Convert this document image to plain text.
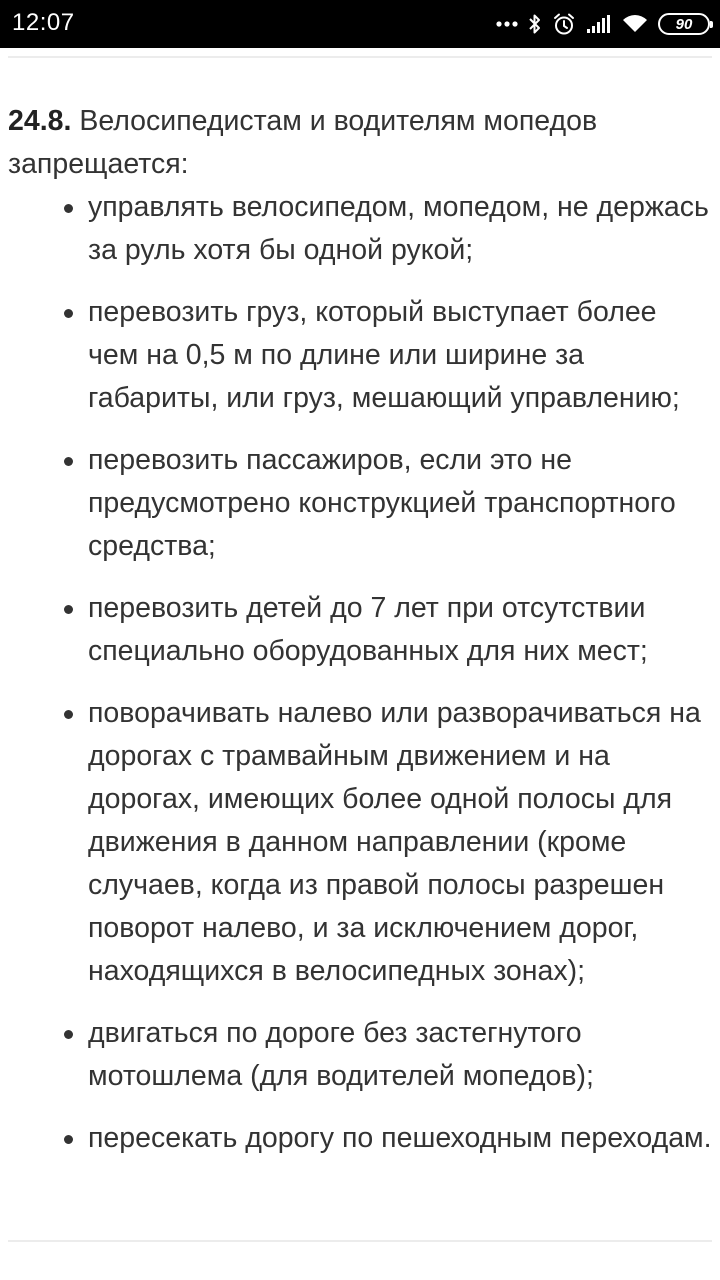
12:07	90

24.8. Велосипедистам и водителям мопедов запрещается:

управлять велосипедом, мопедом, не держась за руль хотя бы одной рукой;
перевозить груз, который выступает более чем на 0,5 м по длине или ширине за габариты, или груз, мешающий управлению;
перевозить пассажиров, если это не предусмотрено конструкцией транспортного средства;
перевозить детей до 7 лет при отсутствии специально оборудованных для них мест;
поворачивать налево или разворачиваться на дорогах с трамвайным движением и на дорогах, имеющих более одной полосы для движения в данном направлении (кроме случаев, когда из правой полосы разрешен поворот налево, и за исключением дорог, находящихся в велосипедных зонах);
двигаться по дороге без застегнутого мотошлема (для водителей мопедов);
пересекать дорогу по пешеходным переходам.
